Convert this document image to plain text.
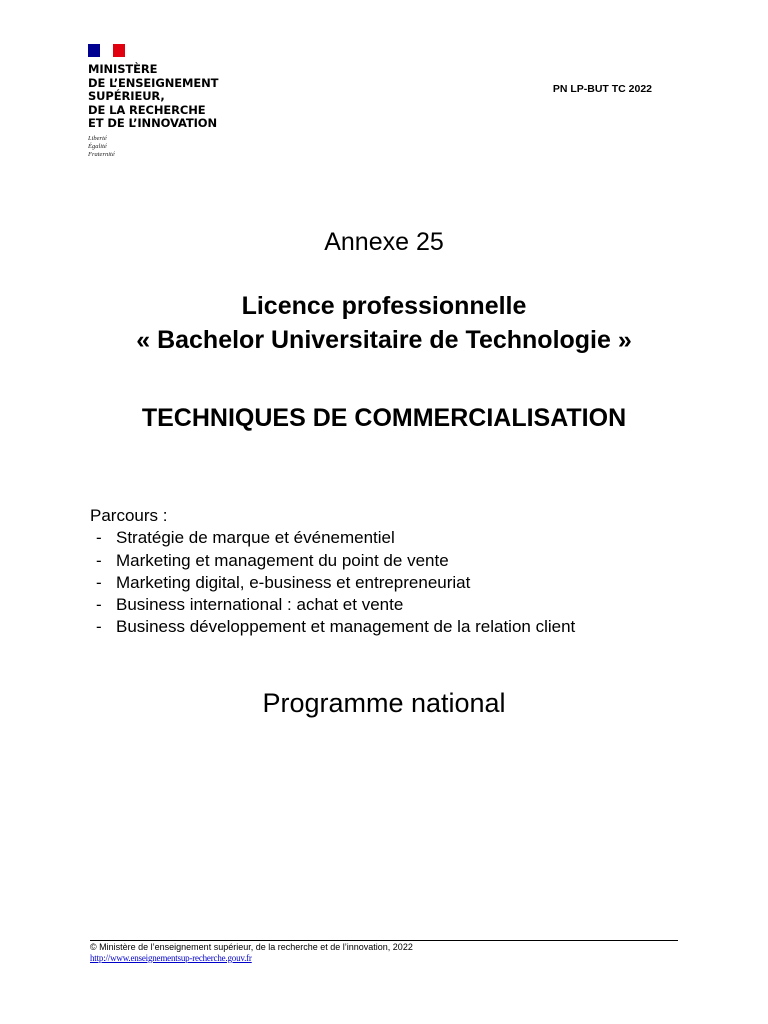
MINISTÈRE
DE L’ENSEIGNEMENT
SUPÉRIEUR,
DE LA RECHERCHE
ET DE L’INNOVATION
Liberté
Égalité
Fraternité
PN LP-BUT TC 2022
Annexe 25
Licence professionnelle
« Bachelor Universitaire de Technologie »
TECHNIQUES DE COMMERCIALISATION
Parcours :
- Stratégie de marque et événementiel
- Marketing et management du point de vente
- Marketing digital, e-business et entrepreneuriat
- Business international : achat et vente
- Business développement et management de la relation client
Programme national
© Ministère de l’enseignement supérieur, de la recherche et de l’innovation, 2022
http://www.enseignementsup-recherche.gouv.fr
